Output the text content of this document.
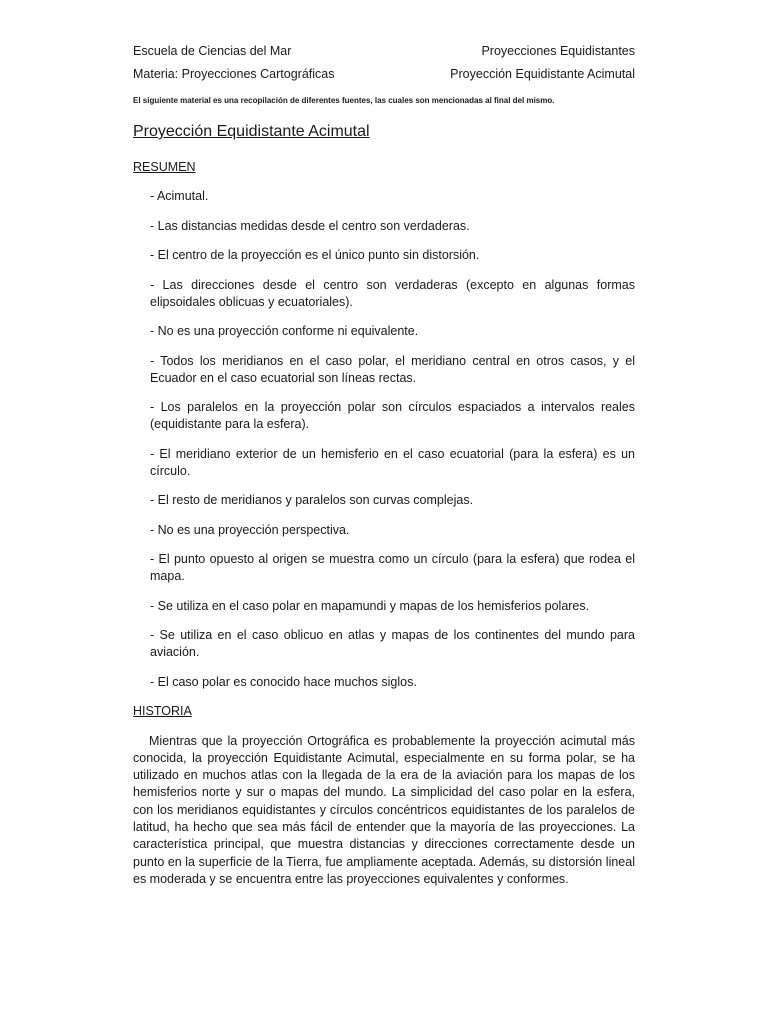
Escuela de Ciencias del Mar	Proyecciones Equidistantes
Materia: Proyecciones Cartográficas	Proyección Equidistante Acimutal
El siguiente material es una recopilación de diferentes fuentes, las cuales son mencionadas al final del mismo.
Proyección Equidistante Acimutal
RESUMEN
- Acimutal.
- Las distancias medidas desde el centro son verdaderas.
- El centro de la proyección es el único punto sin distorsión.
- Las direcciones desde el centro son verdaderas (excepto en algunas formas elipsoidales oblicuas y ecuatoriales).
- No es una proyección conforme ni equivalente.
- Todos los meridianos en el caso polar, el meridiano central en otros casos, y el Ecuador en el caso ecuatorial son líneas rectas.
- Los paralelos en la proyección polar son círculos espaciados a intervalos reales (equidistante para la esfera).
- El meridiano exterior de un hemisferio en el caso ecuatorial (para la esfera) es un círculo.
- El resto de meridianos y paralelos son curvas complejas.
- No es una proyección perspectiva.
- El punto opuesto al origen se muestra como un círculo (para la esfera) que rodea el mapa.
- Se utiliza en el caso polar en mapamundi y mapas de los hemisferios polares.
- Se utiliza en el caso oblicuo en atlas y mapas de los continentes del mundo para aviación.
- El caso polar es conocido hace muchos siglos.
HISTORIA

Mientras que la proyección Ortográfica es probablemente la proyección acimutal más conocida, la proyección Equidistante Acimutal, especialmente en su forma polar, se ha utilizado en muchos atlas con la llegada de la era de la aviación para los mapas de los hemisferios norte y sur o mapas del mundo. La simplicidad del caso polar en la esfera, con los meridianos equidistantes y círculos concéntricos equidistantes de los paralelos de latitud, ha hecho que sea más fácil de entender que la mayoría de las proyecciones. La característica principal, que muestra distancias y direcciones correctamente desde un punto en la superficie de la Tierra, fue ampliamente aceptada. Además, su distorsión lineal es moderada y se encuentra entre las proyecciones equivalentes y conformes.
